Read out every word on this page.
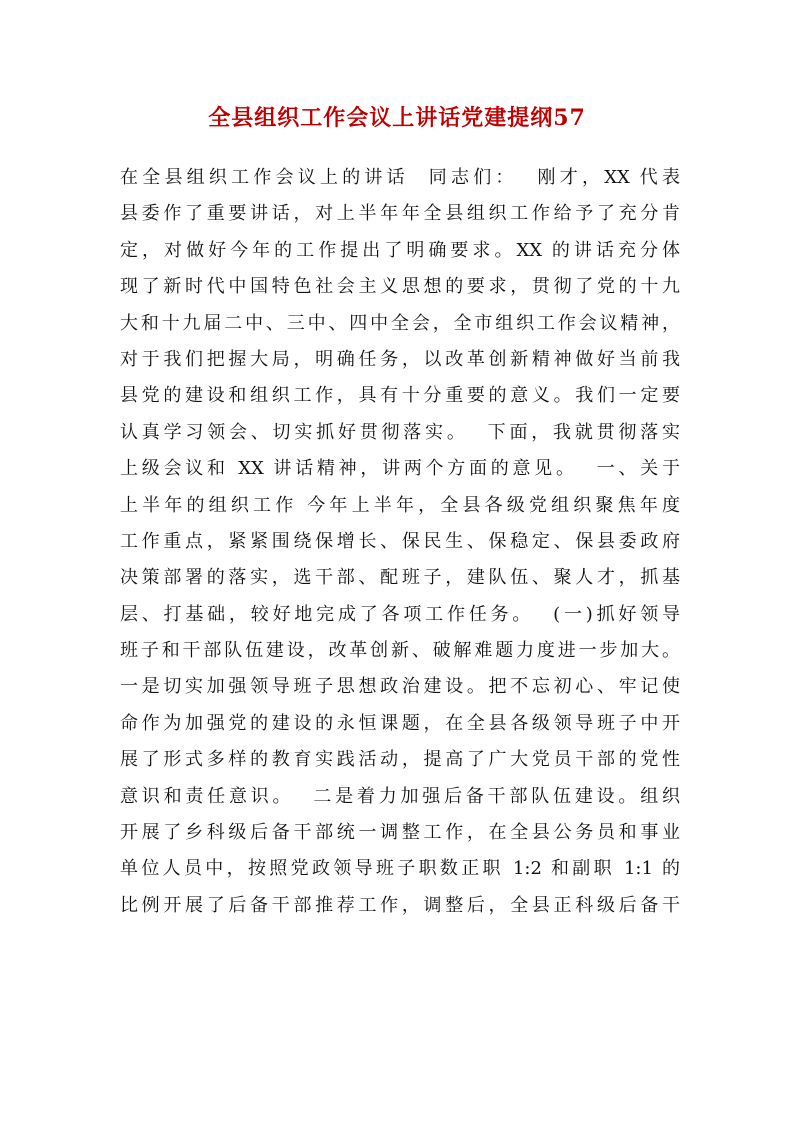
全县组织工作会议上讲话党建提纲57
在全县组织工作会议上的讲话  同志们：  刚才，XX 代表
县委作了重要讲话，对上半年年全县组织工作给予了充分肯
定，对做好今年的工作提出了明确要求。XX 的讲话充分体
现了新时代中国特色社会主义思想的要求，贯彻了党的十九
大和十九届二中、三中、四中全会，全市组织工作会议精神，
对于我们把握大局，明确任务，以改革创新精神做好当前我
县党的建设和组织工作，具有十分重要的意义。我们一定要
认真学习领会、切实抓好贯彻落实。  下面，我就贯彻落实
上级会议和 XX 讲话精神，讲两个方面的意见。  一、关于
上半年的组织工作 今年上半年，全县各级党组织聚焦年度
工作重点，紧紧围绕保增长、保民生、保稳定、保县委政府
决策部署的落实，选干部、配班子，建队伍、聚人才，抓基
层、打基础，较好地完成了各项工作任务。  (一)抓好领导
班子和干部队伍建设，改革创新、破解难题力度进一步加大。
一是切实加强领导班子思想政治建设。把不忘初心、牢记使
命作为加强党的建设的永恒课题，在全县各级领导班子中开
展了形式多样的教育实践活动，提高了广大党员干部的党性
意识和责任意识。  二是着力加强后备干部队伍建设。组织
开展了乡科级后备干部统一调整工作，在全县公务员和事业
单位人员中，按照党政领导班子职数正职 1:2 和副职 1:1 的
比例开展了后备干部推荐工作，调整后，全县正科级后备干
